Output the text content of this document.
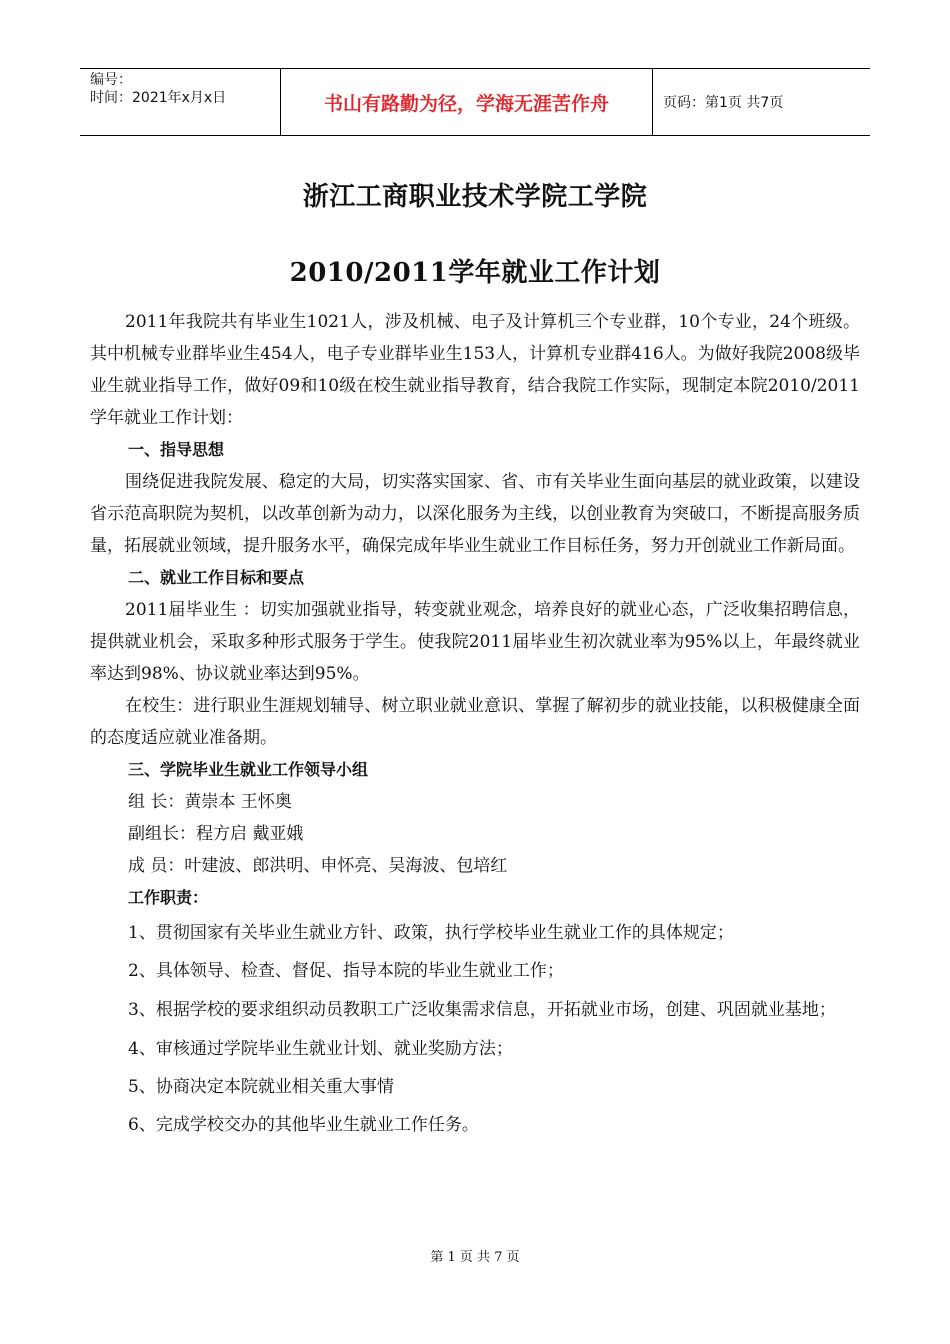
编号：
时间：2021年x月x日	书山有路勤为径，学海无涯苦作舟	页码：第1页 共7页
浙江工商职业技术学院工学院
2010/2011学年就业工作计划

2011年我院共有毕业生1021人，涉及机械、电子及计算机三个专业群，10个专业，24个班级。其中机械专业群毕业生454人，电子专业群毕业生153人，计算机专业群416人。为做好我院2008级毕业生就业指导工作，做好09和10级在校生就业指导教育，结合我院工作实际，现制定本院2010/2011学年就业工作计划：

一、指导思想

围绕促进我院发展、稳定的大局，切实落实国家、省、市有关毕业生面向基层的就业政策，以建设省示范高职院为契机，以改革创新为动力，以深化服务为主线，以创业教育为突破口，不断提高服务质量，拓展就业领域，提升服务水平，确保完成年毕业生就业工作目标任务，努力开创就业工作新局面。

二、就业工作目标和要点

2011届毕业生 ：切实加强就业指导，转变就业观念，培养良好的就业心态，广泛收集招聘信息，提供就业机会，采取多种形式服务于学生。使我院2011届毕业生初次就业率为95%以上，年最终就业率达到98%、协议就业率达到95%。

在校生：进行职业生涯规划辅导、树立职业就业意识、掌握了解初步的就业技能，以积极健康全面的态度适应就业准备期。

三、学院毕业生就业工作领导小组

组 长：黄崇本 王怀奥

副组长：程方启 戴亚娥

成 员：叶建波、郎洪明、申怀亮、吴海波、包培红

工作职责：

1、贯彻国家有关毕业生就业方针、政策，执行学校毕业生就业工作的具体规定；

2、具体领导、检查、督促、指导本院的毕业生就业工作；

3、根据学校的要求组织动员教职工广泛收集需求信息，开拓就业市场，创建、巩固就业基地；

4、审核通过学院毕业生就业计划、就业奖励方法；

5、协商决定本院就业相关重大事情

6、完成学校交办的其他毕业生就业工作任务。

第 1 页 共 7 页
